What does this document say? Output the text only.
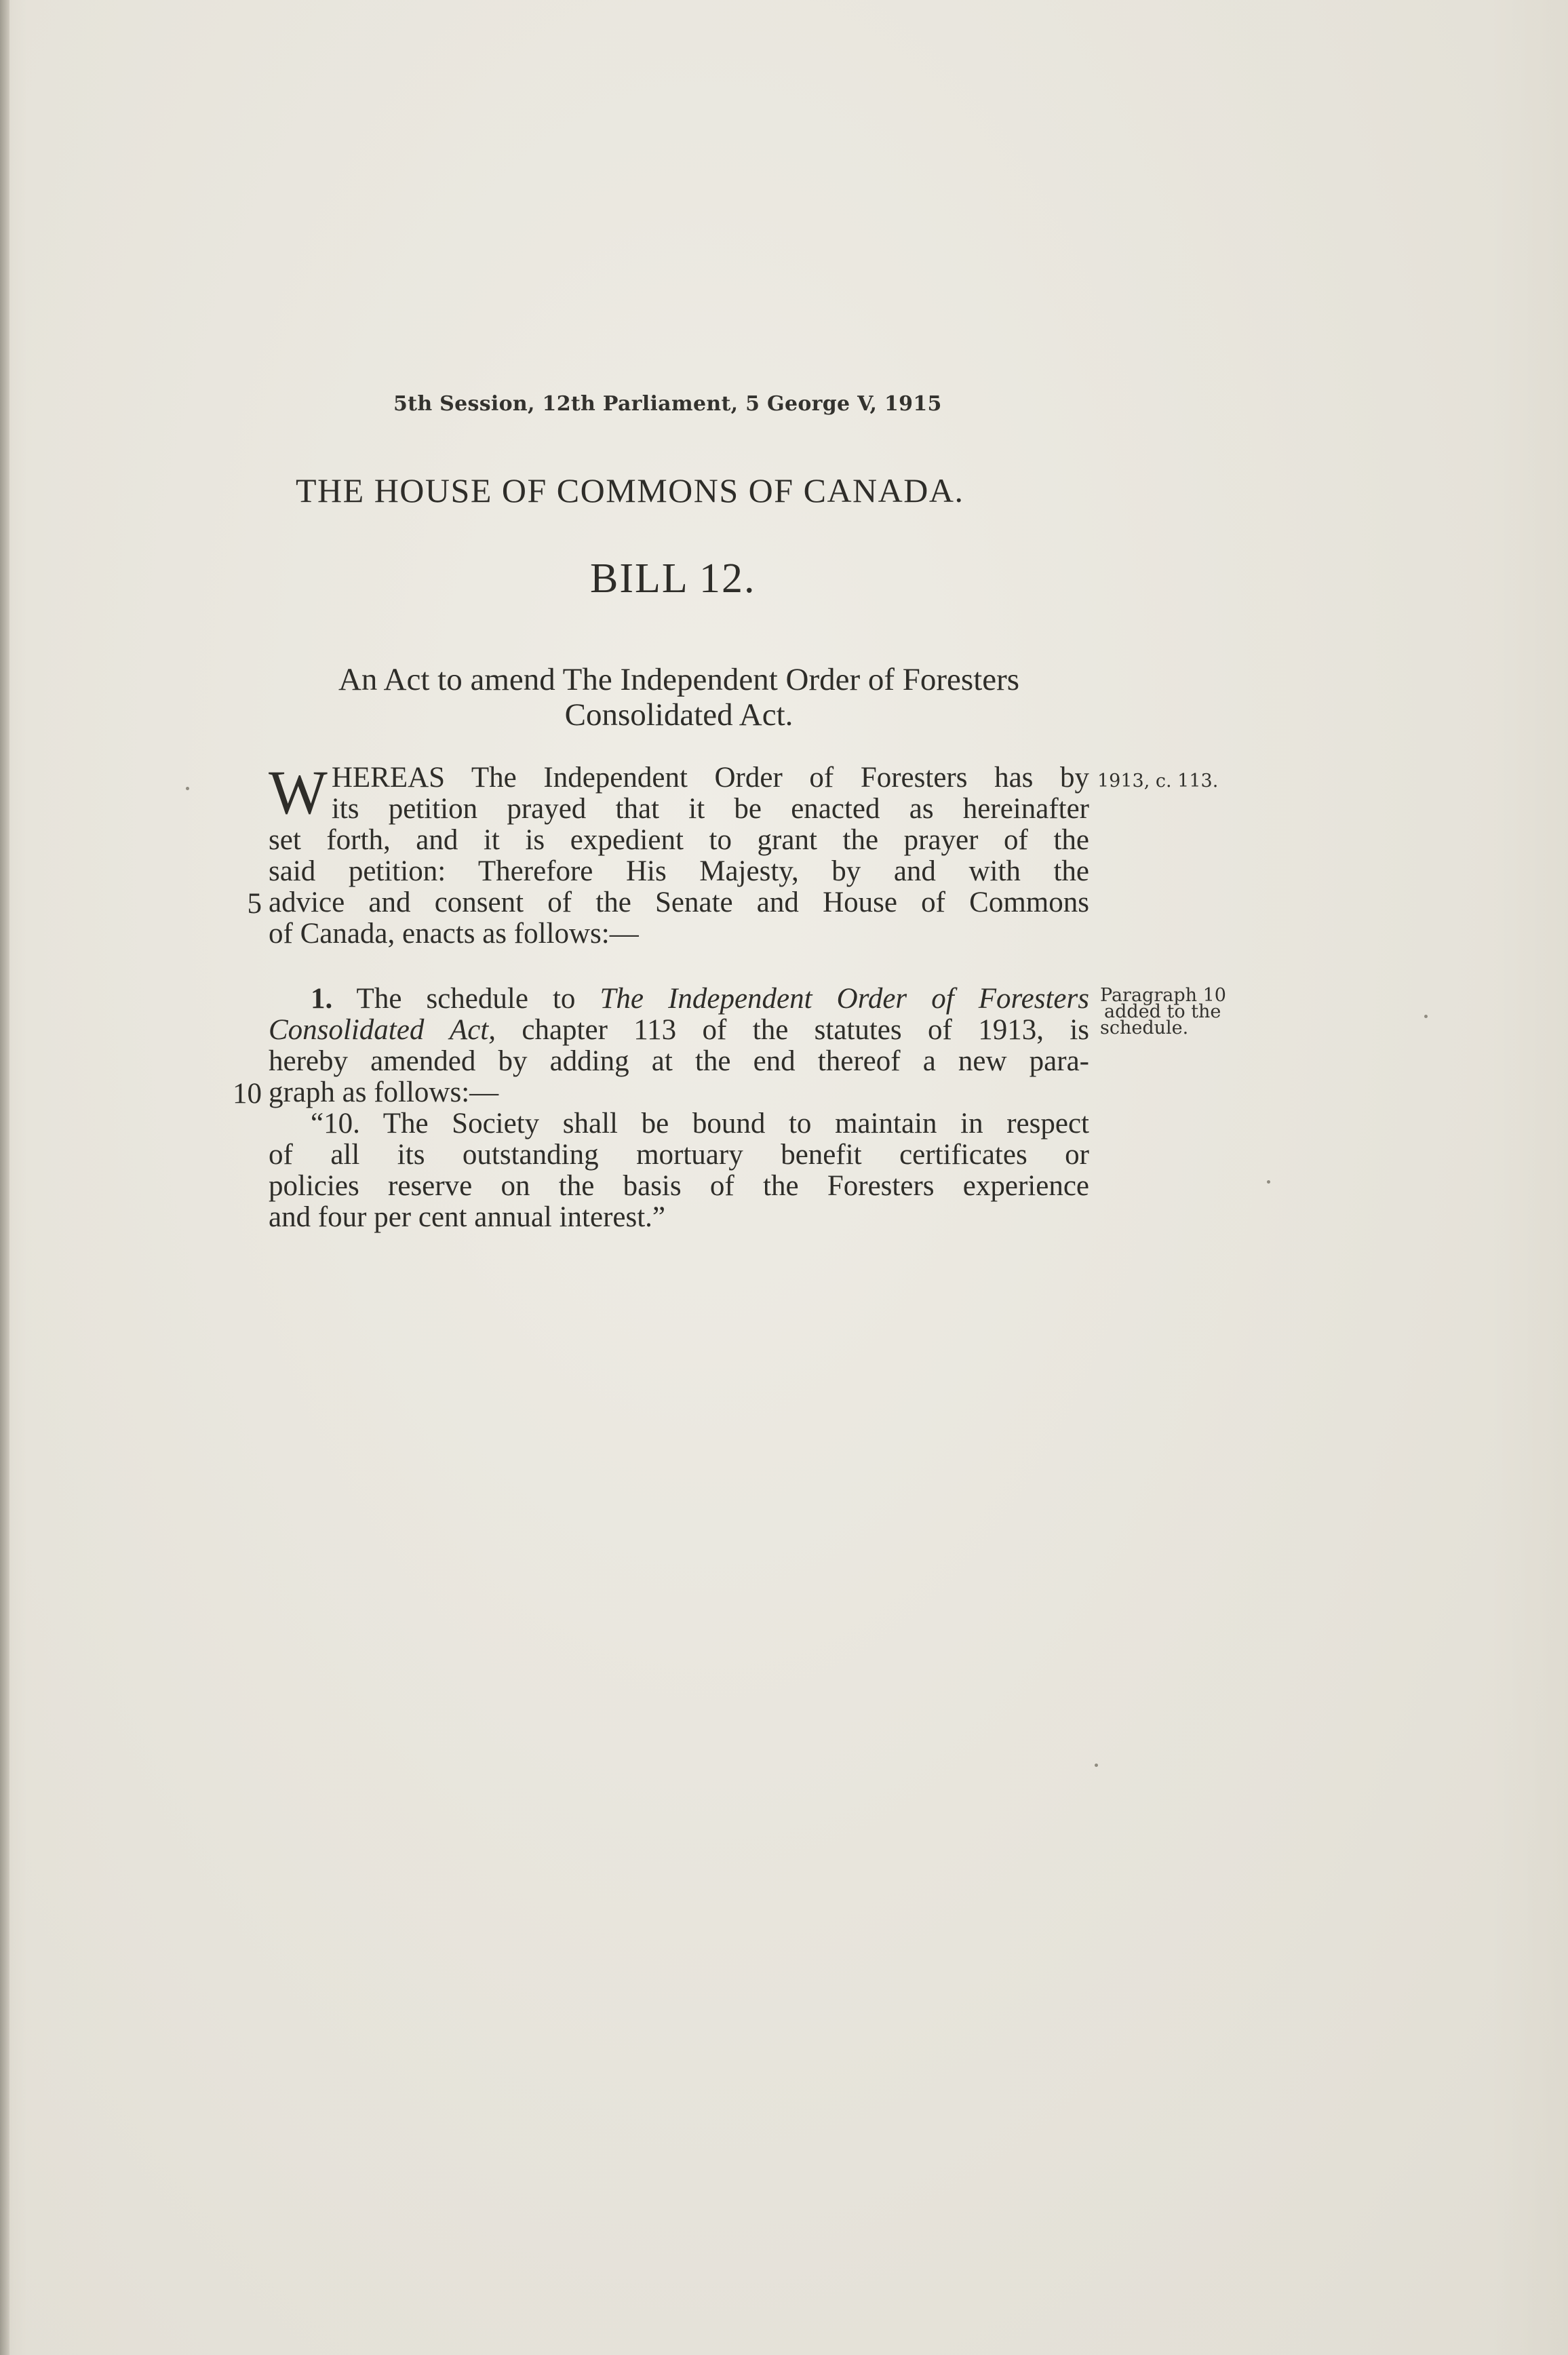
5th Session, 12th Parliament, 5 George V, 1915
THE HOUSE OF COMMONS OF CANADA.
BILL 12.
An Act to amend The Independent Order of Foresters
Consolidated Act.
W HEREAS The Independent Order of Foresters has by
its petition prayed that it be enacted as hereinafter
set forth, and it is expedient to grant the prayer of the
said petition: Therefore His Majesty, by and with the
advice and consent of the Senate and House of Commons
of Canada, enacts as follows:—
5
1913, c. 113.
1. The schedule to The Independent Order of Foresters
Consolidated Act, chapter 113 of the statutes of 1913, is
hereby amended by adding at the end thereof a new para-
graph as follows:—
“10. The Society shall be bound to maintain in respect
of all its outstanding mortuary benefit certificates or
policies reserve on the basis of the Foresters experience
and four per cent annual interest.”
10
Paragraph 10
added to the
schedule.
